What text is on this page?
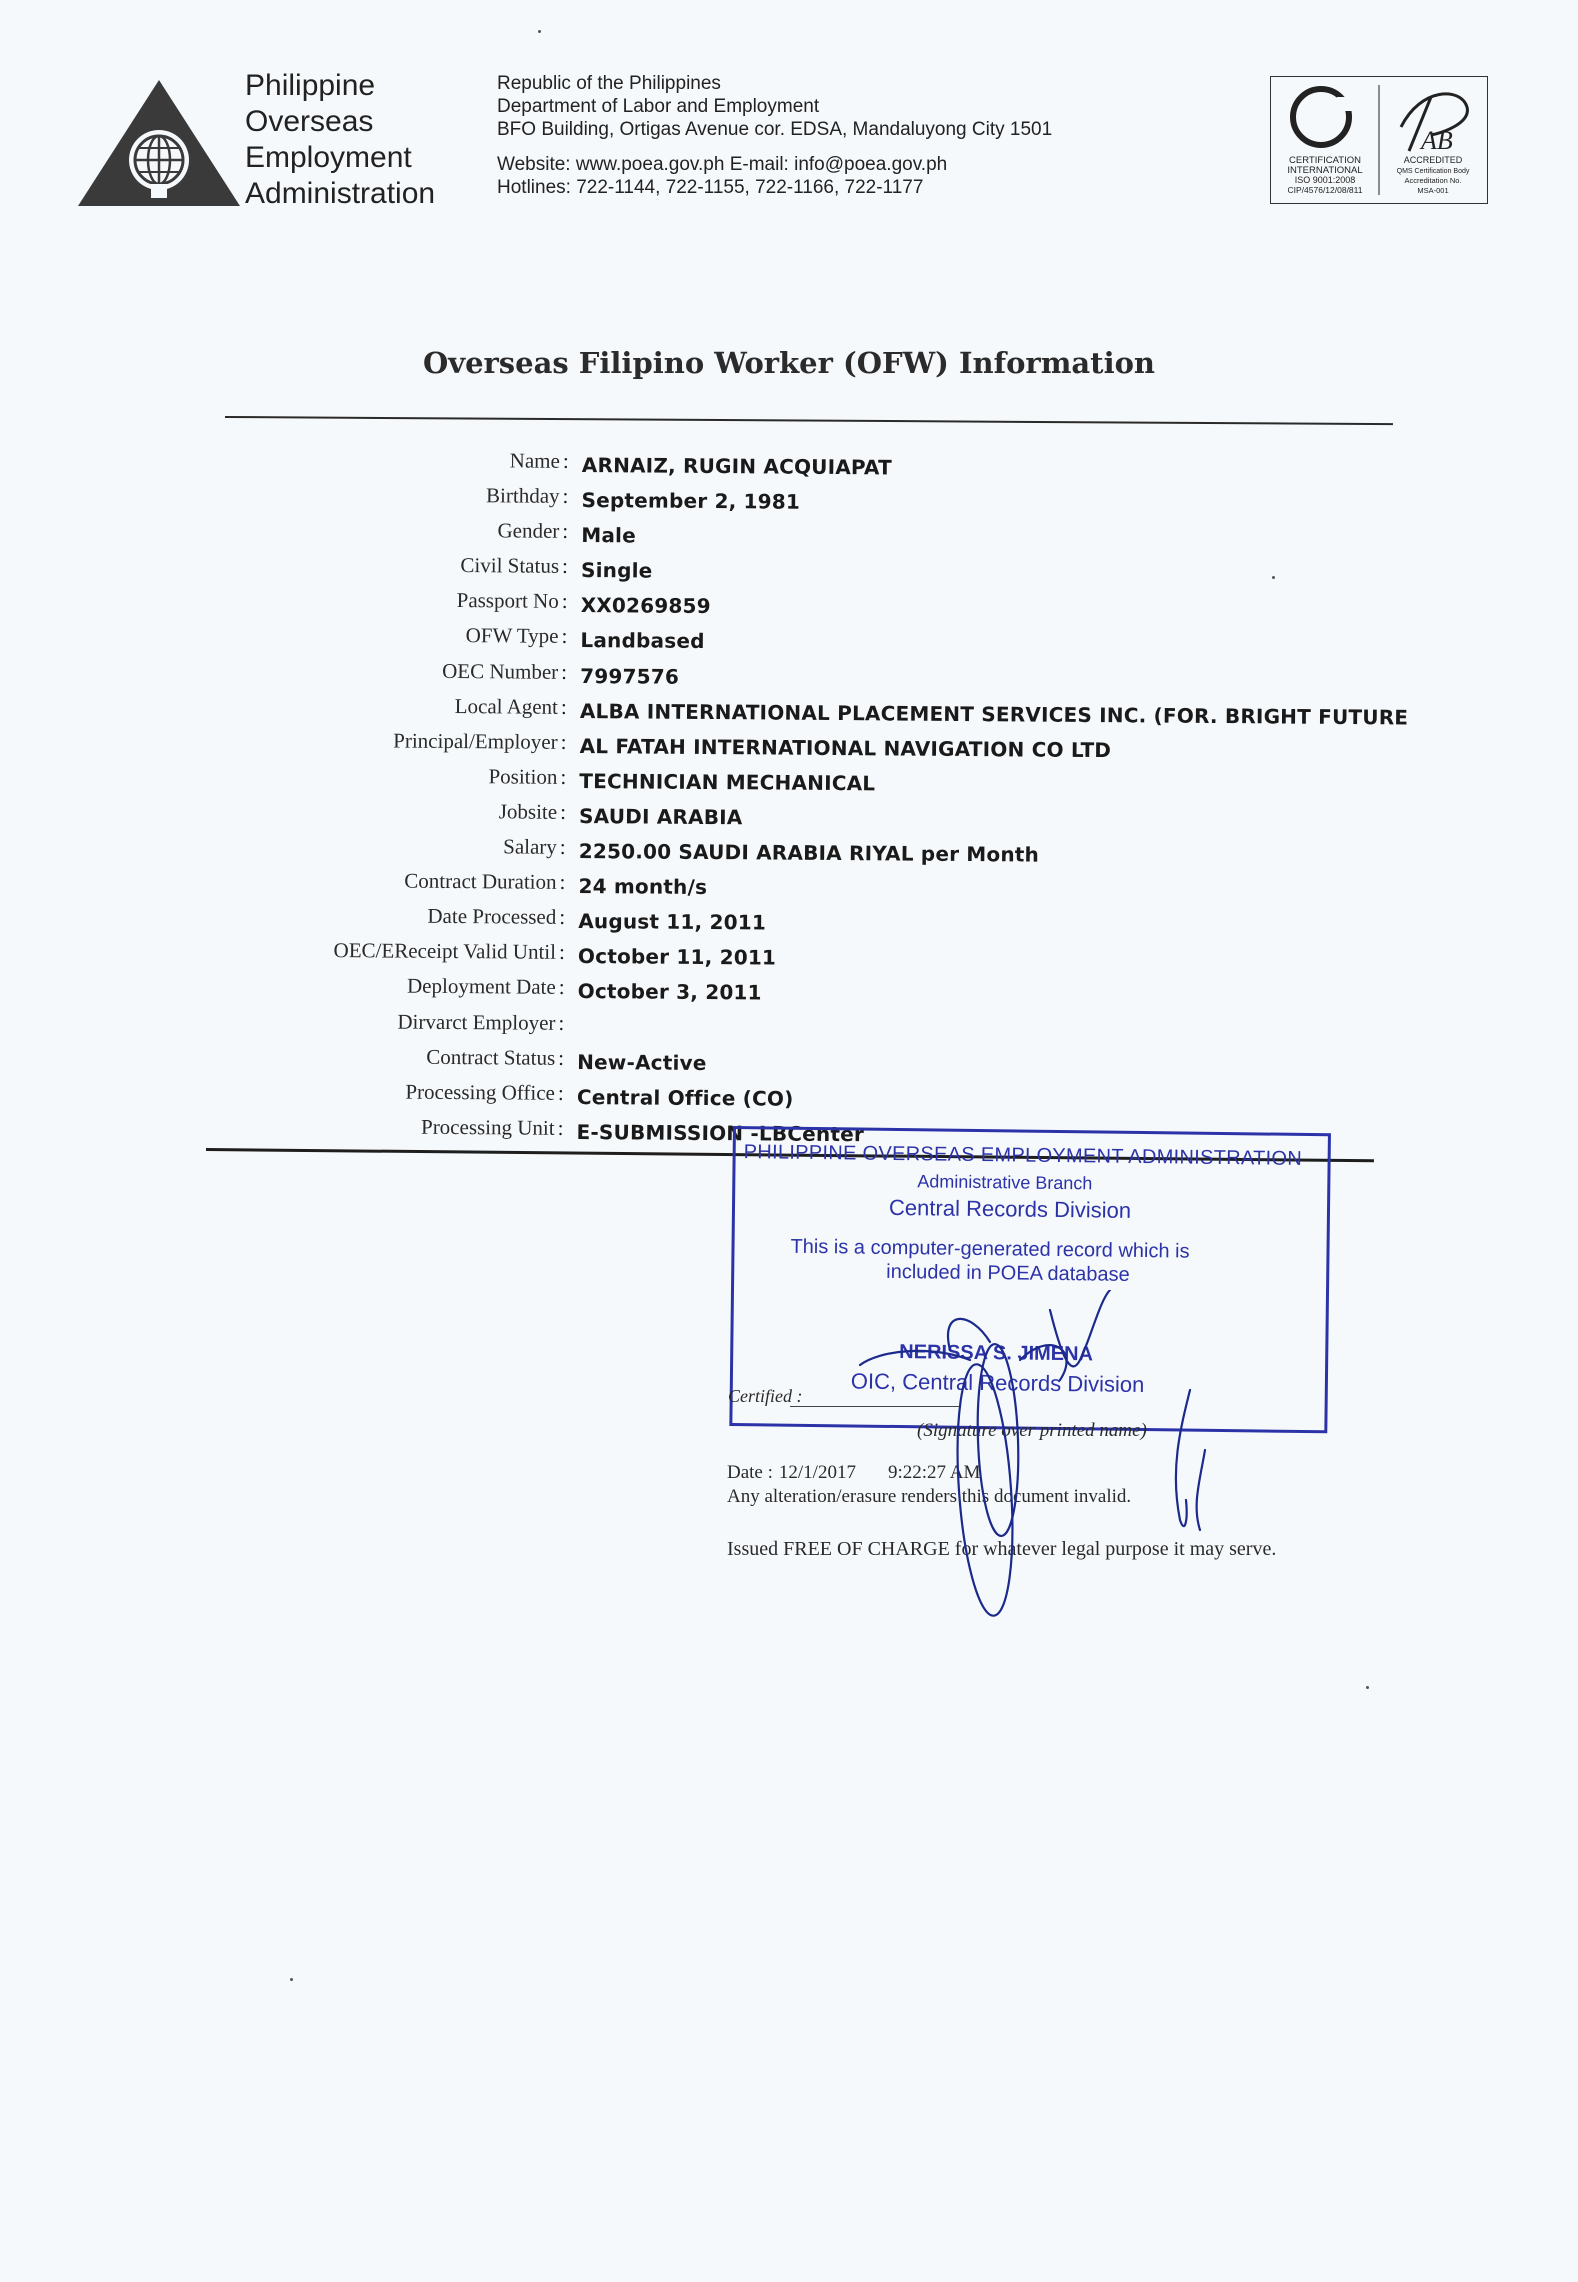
Philippine
Overseas
Employment
Administration
Republic of the Philippines
Department of Labor and Employment
BFO Building, Ortigas Avenue cor. EDSA, Mandaluyong City 1501
Website: www.poea.gov.ph E-mail: info@poea.gov.ph
Hotlines: 722-1144, 722-1155, 722-1166, 722-1177
AB
CERTIFICATION
INTERNATIONAL
ISO 9001:2008
CIP/4576/12/08/811
ACCREDITED
QMS Certification Body
Accreditation No.
MSA-001
Overseas Filipino Worker (OFW) Information
Name : ARNAIZ, RUGIN ACQUIAPAT
Birthday : September 2, 1981
Gender : Male
Civil Status : Single
Passport No : XX0269859
OFW Type : Landbased
OEC Number : 7997576
Local Agent : ALBA INTERNATIONAL PLACEMENT SERVICES INC. (FOR. BRIGHT FUTURE
Principal/Employer : AL FATAH INTERNATIONAL NAVIGATION CO LTD
Position : TECHNICIAN MECHANICAL
Jobsite : SAUDI ARABIA
Salary : 2250.00 SAUDI ARABIA RIYAL per Month
Contract Duration : 24 month/s
Date Processed : August 11, 2011
OEC/EReceipt Valid Until : October 11, 2011
Deployment Date : October 3, 2011
Dirvarct Employer :
Contract Status : New-Active
Processing Office : Central Office (CO)
Processing Unit : E-SUBMISSION -LBCenter
PHILIPPINE OVERSEAS EMPLOYMENT ADMINISTRATION
Administrative Branch
Central Records Division
This is a computer-generated record which is
included in POEA database
NERISSA S. JIMENA
OIC, Central Records Division
Certified :
(Signature over printed name)
Date : 12/1/2017 9:22:27 AM
Any alteration/erasure renders this document invalid.
Issued FREE OF CHARGE for whatever legal purpose it may serve.
